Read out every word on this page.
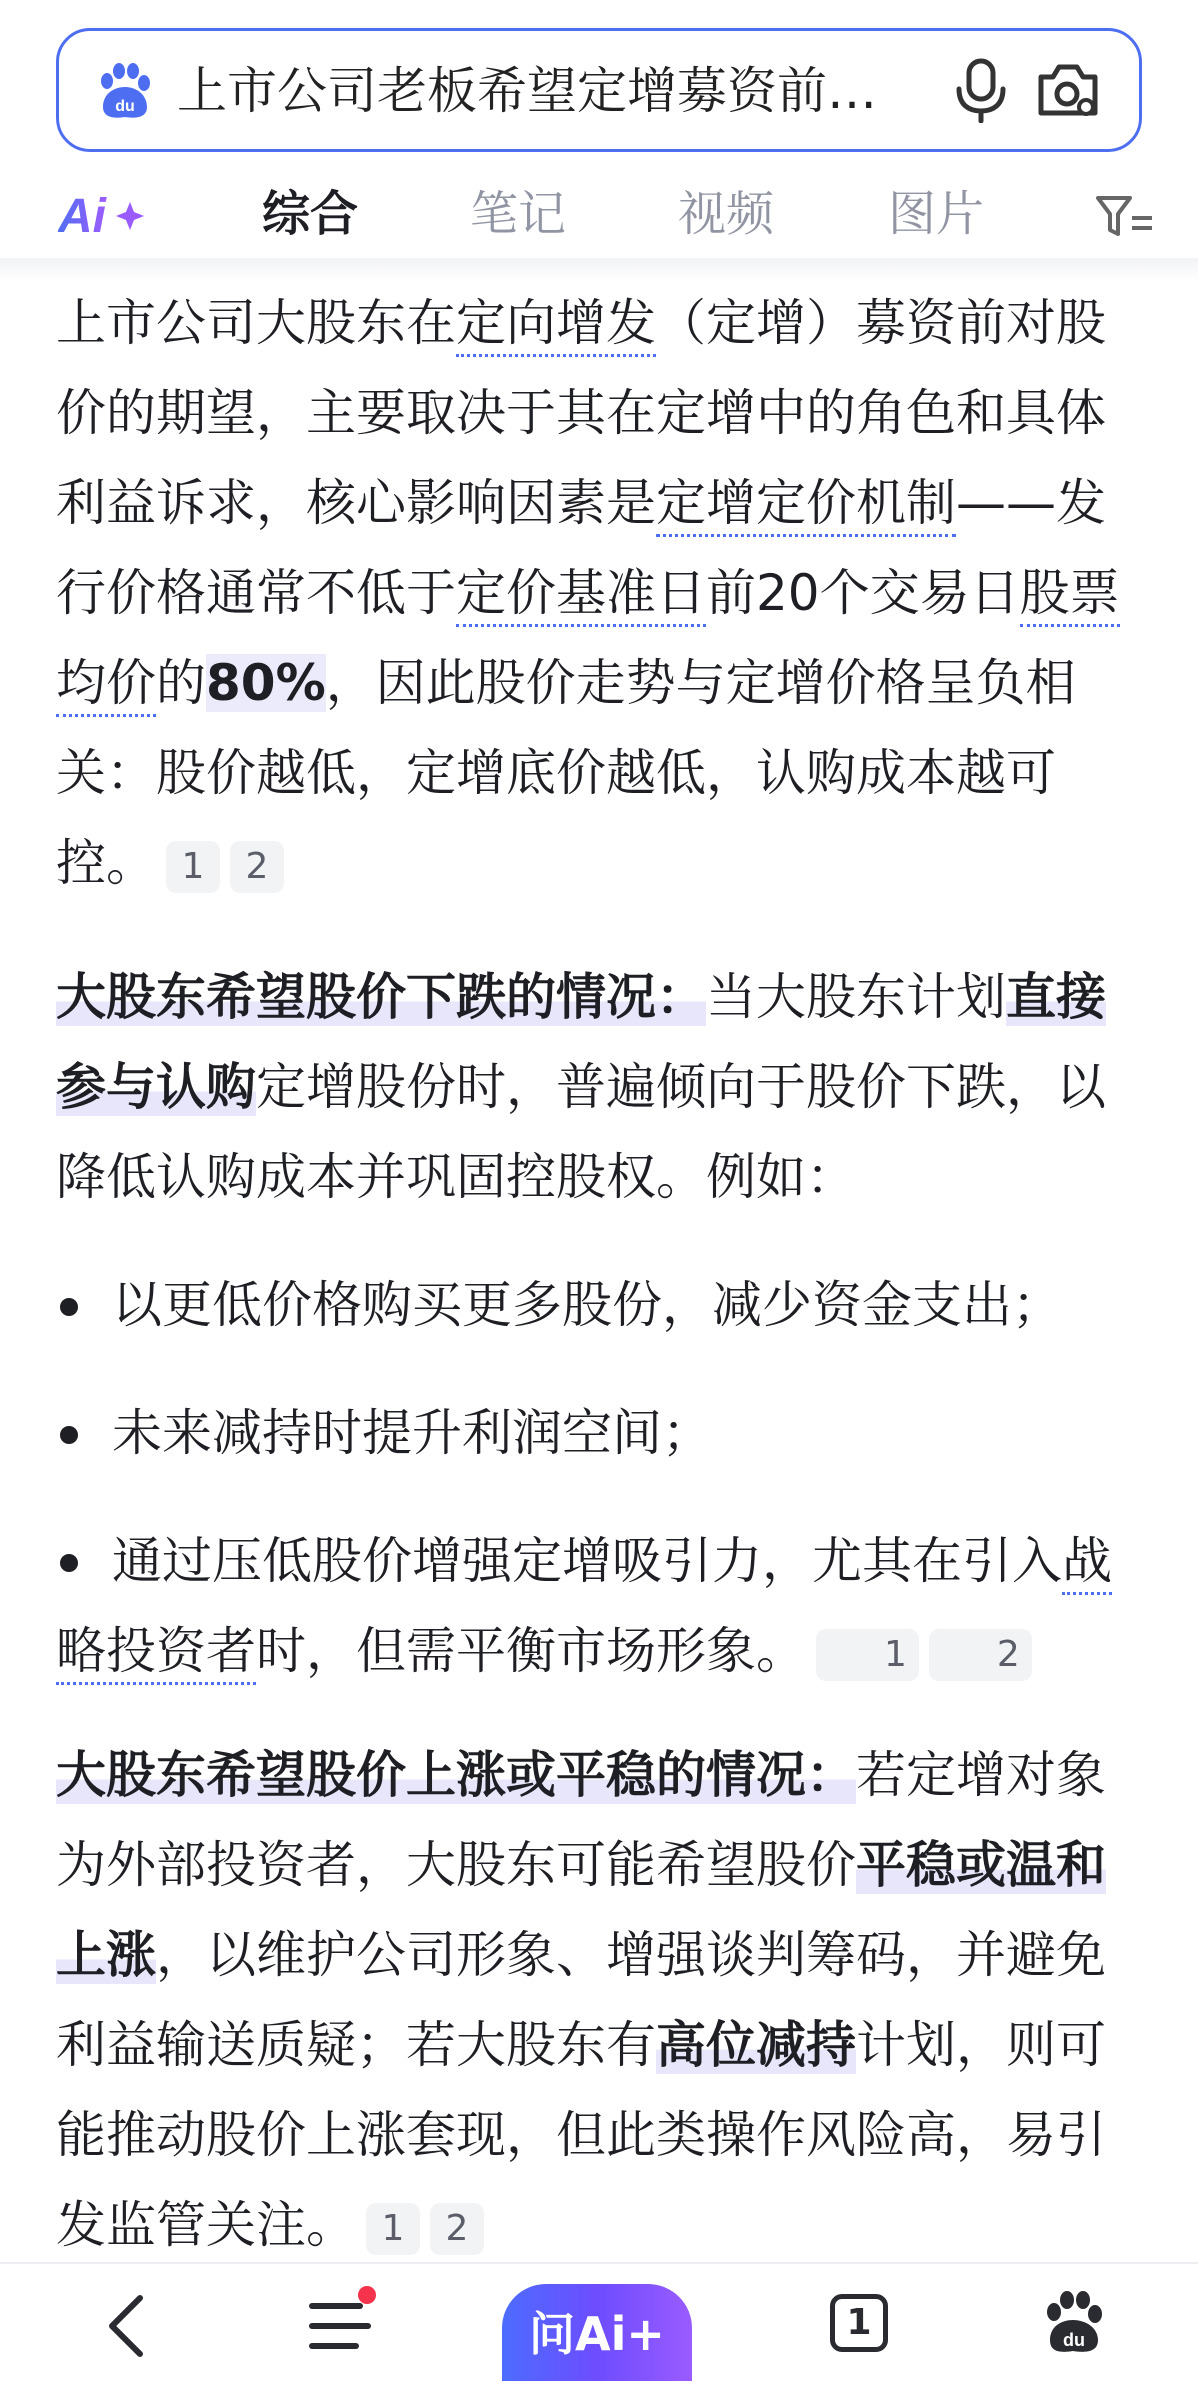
du 上市公司老板希望定增募资前…
Ai	综合 笔记 视频 图片

上市公司大股东在定向增发（定增）募资前对股价的期望，主要取决于其在定增中的角色和具体利益诉求，核心影响因素是定增定价机制——发行价格通常不低于定价基准日前20个交易日股票均价的80%，因此股价走势与定增价格呈负相关：股价越低，定增底价越低，认购成本越可控。 1 2

大股东希望股价下跌的情况：当大股东计划直接参与认购定增股份时，普遍倾向于股价下跌，以降低认购成本并巩固控股权。例如：

以更低价格购买更多股份，减少资金支出；
未来减持时提升利润空间；
通过压低股价增强定增吸引力，尤其在引入战略投资者时，但需平衡市场形象。 1	2

大股东希望股价上涨或平稳的情况：若定增对象为外部投资者，大股东可能希望股价平稳或温和上涨，以维护公司形象、增强谈判筹码，并避免利益输送质疑；若大股东有高位减持计划，则可能推动股价上涨套现，但此类操作风险高，易引发监管关注。 1 2

问Ai+	1	du
